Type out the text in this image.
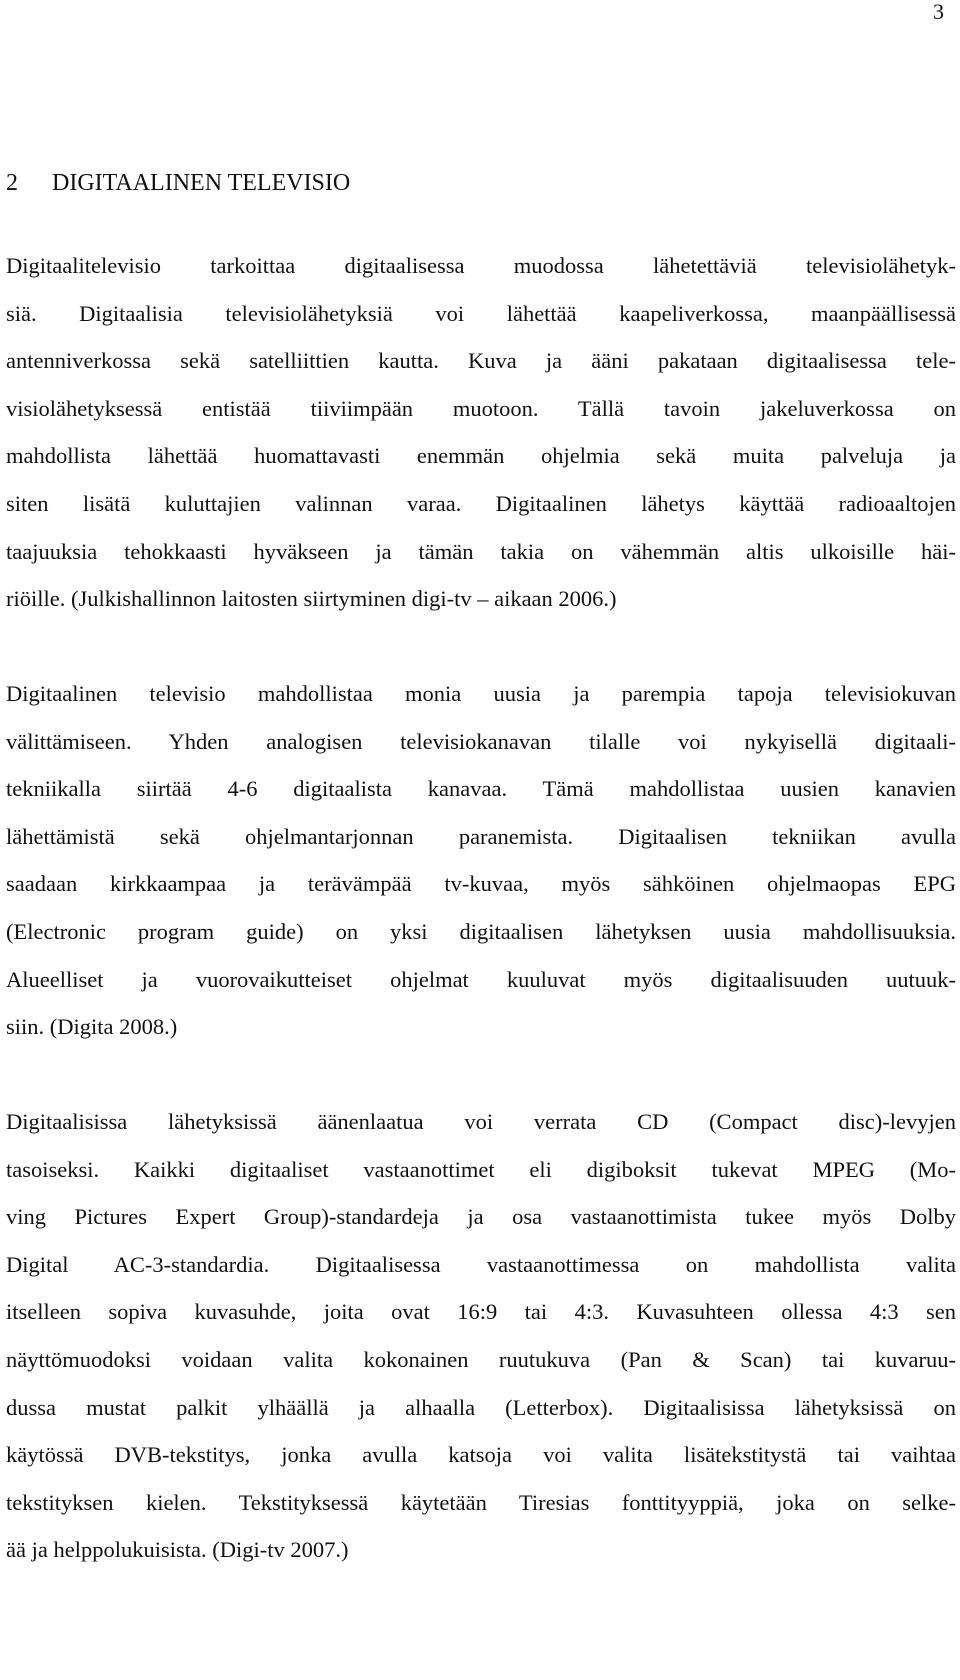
3
2 DIGITAALINEN TELEVISIO
Digitaalitelevisio tarkoittaa digitaalisessa muodossa lähetettäviä televisiolähetyk-
siä. Digitaalisia televisiolähetyksiä voi lähettää kaapeliverkossa, maanpäällisessä
antenniverkossa sekä satelliittien kautta. Kuva ja ääni pakataan digitaalisessa tele-
visiolähetyksessä entistää tiiviimpään muotoon. Tällä tavoin jakeluverkossa on
mahdollista lähettää huomattavasti enemmän ohjelmia sekä muita palveluja ja
siten lisätä kuluttajien valinnan varaa. Digitaalinen lähetys käyttää radioaaltojen
taajuuksia tehokkaasti hyväkseen ja tämän takia on vähemmän altis ulkoisille häi-
riöille. (Julkishallinnon laitosten siirtyminen digi-tv – aikaan 2006.)
Digitaalinen televisio mahdollistaa monia uusia ja parempia tapoja televisiokuvan
välittämiseen. Yhden analogisen televisiokanavan tilalle voi nykyisellä digitaali-
tekniikalla siirtää 4-6 digitaalista kanavaa. Tämä mahdollistaa uusien kanavien
lähettämistä sekä ohjelmantarjonnan paranemista. Digitaalisen tekniikan avulla
saadaan kirkkaampaa ja terävämpää tv-kuvaa, myös sähköinen ohjelmaopas EPG
(Electronic program guide) on yksi digitaalisen lähetyksen uusia mahdollisuuksia.
Alueelliset ja vuorovaikutteiset ohjelmat kuuluvat myös digitaalisuuden uutuuk-
siin. (Digita 2008.)
Digitaalisissa lähetyksissä äänenlaatua voi verrata CD (Compact disc)-levyjen
tasoiseksi. Kaikki digitaaliset vastaanottimet eli digiboksit tukevat MPEG (Mo-
ving Pictures Expert Group)-standardeja ja osa vastaanottimista tukee myös Dolby
Digital AC-3-standardia. Digitaalisessa vastaanottimessa on mahdollista valita
itselleen sopiva kuvasuhde, joita ovat 16:9 tai 4:3. Kuvasuhteen ollessa 4:3 sen
näyttömuodoksi voidaan valita kokonainen ruutukuva (Pan & Scan) tai kuvaruu-
dussa mustat palkit ylhäällä ja alhaalla (Letterbox). Digitaalisissa lähetyksissä on
käytössä DVB-tekstitys, jonka avulla katsoja voi valita lisätekstitystä tai vaihtaa
tekstityksen kielen. Tekstityksessä käytetään Tiresias fonttityyppiä, joka on selke-
ää ja helppolukuisista. (Digi-tv 2007.)
